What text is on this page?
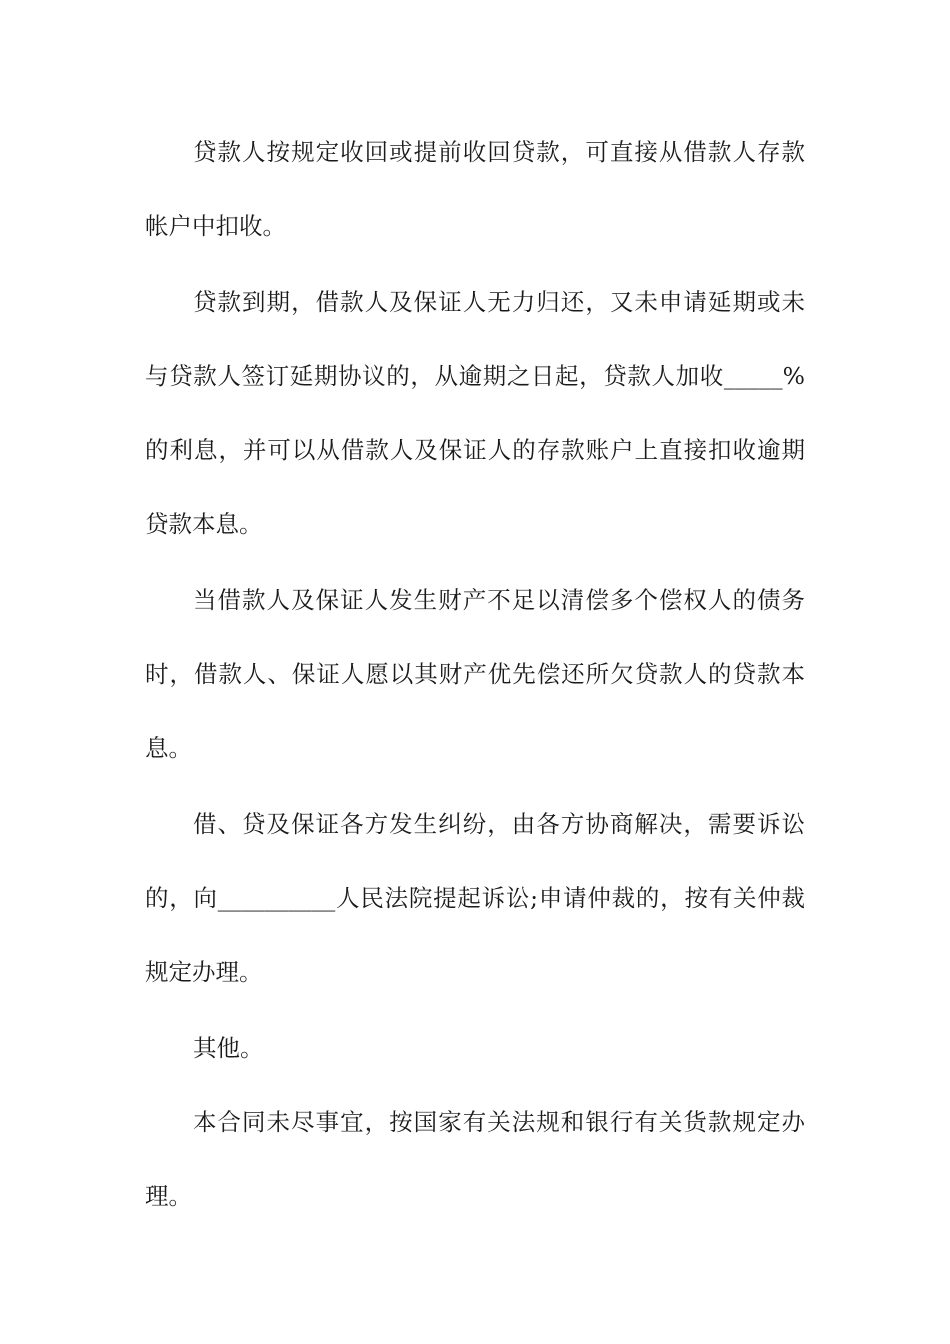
贷款人按规定收回或提前收回贷款，可直接从借款人存款
帐户中扣收。
贷款到期，借款人及保证人无力归还，又未申请延期或未
与贷款人签订延期协议的，从逾期之日起，贷款人加收_____%
的利息，并可以从借款人及保证人的存款账户上直接扣收逾期
贷款本息。
当借款人及保证人发生财产不足以清偿多个偿权人的债务
时，借款人、保证人愿以其财产优先偿还所欠贷款人的贷款本
息。
借、贷及保证各方发生纠纷，由各方协商解决，需要诉讼
的，向__________人民法院提起诉讼;申请仲裁的，按有关仲裁
规定办理。
其他。
本合同未尽事宜，按国家有关法规和银行有关货款规定办
理。
